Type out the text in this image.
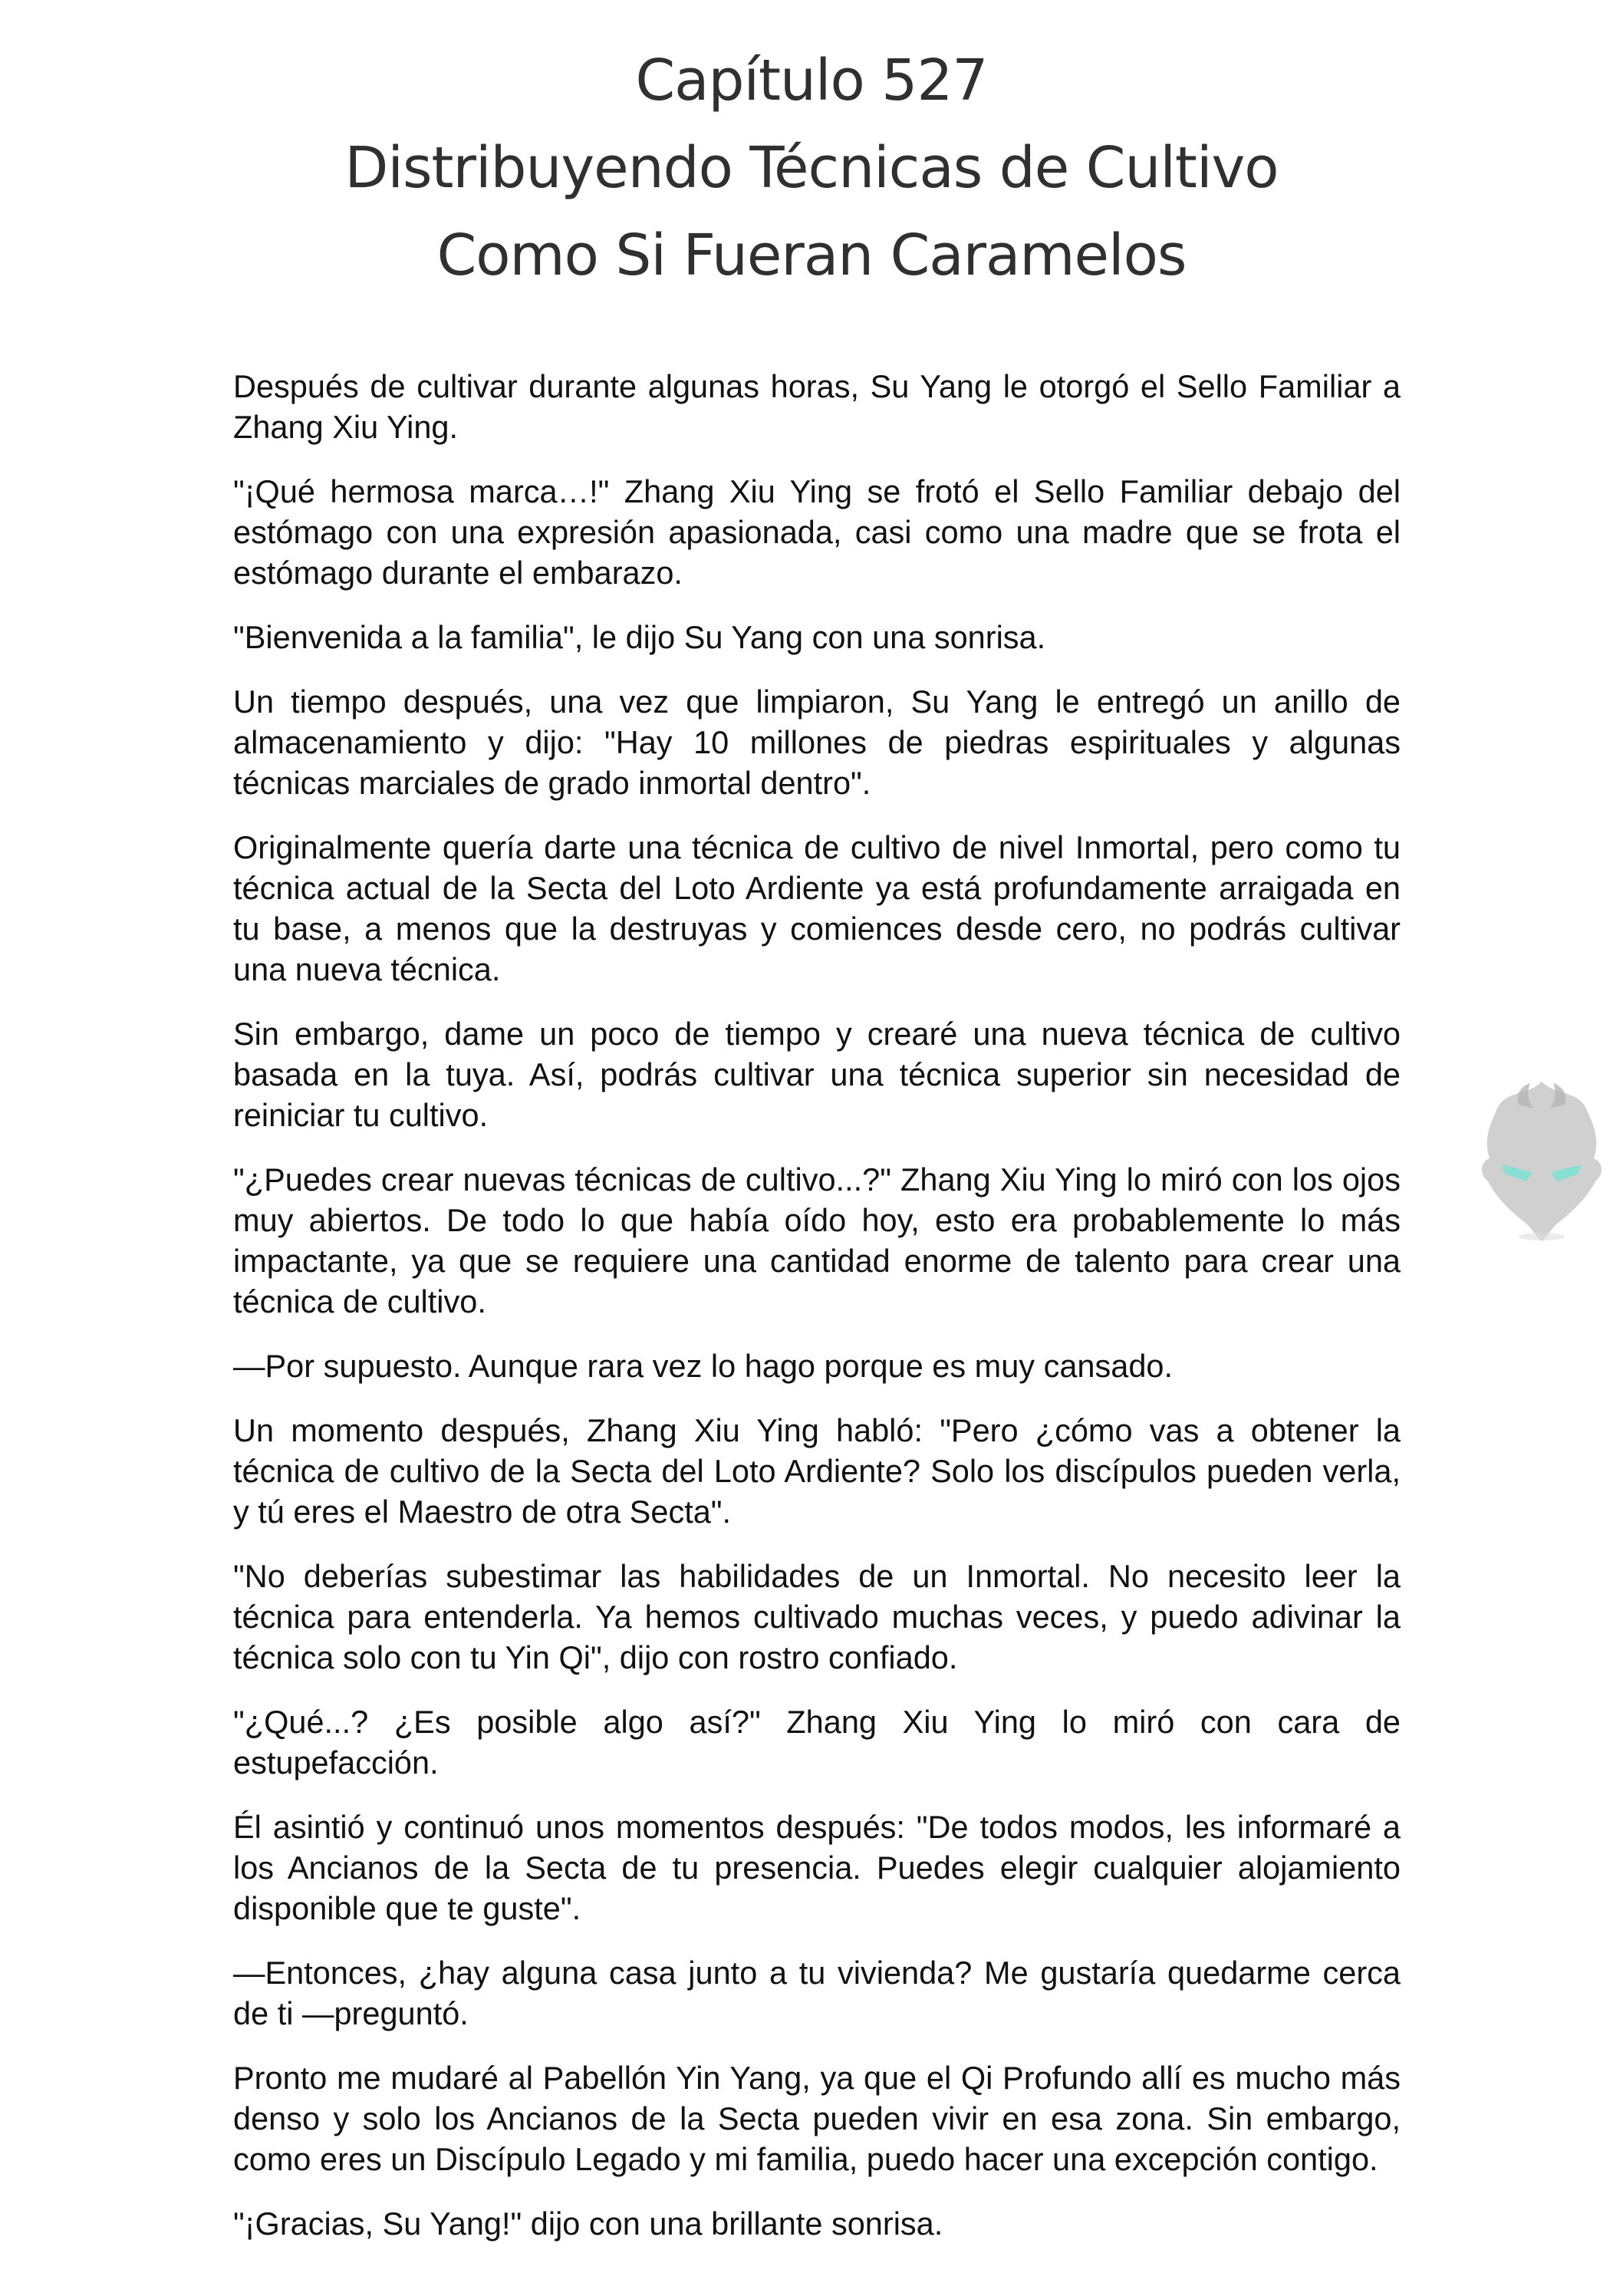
Capítulo 527
Distribuyendo Técnicas de Cultivo
Como Si Fueran Caramelos

Después de cultivar durante algunas horas, Su Yang le otorgó el Sello Familiar a Zhang Xiu Ying.

"¡Qué hermosa marca…!" Zhang Xiu Ying se frotó el Sello Familiar debajo del estómago con una expresión apasionada, casi como una madre que se frota el estómago durante el embarazo.

"Bienvenida a la familia", le dijo Su Yang con una sonrisa.

Un tiempo después, una vez que limpiaron, Su Yang le entregó un anillo de almacenamiento y dijo: "Hay 10 millones de piedras espirituales y algunas técnicas marciales de grado inmortal dentro".

Originalmente quería darte una técnica de cultivo de nivel Inmortal, pero como tu técnica actual de la Secta del Loto Ardiente ya está profundamente arraigada en tu base, a menos que la destruyas y comiences desde cero, no podrás cultivar una nueva técnica.

Sin embargo, dame un poco de tiempo y crearé una nueva técnica de cultivo basada en la tuya. Así, podrás cultivar una técnica superior sin necesidad de reiniciar tu cultivo.

"¿Puedes crear nuevas técnicas de cultivo...?" Zhang Xiu Ying lo miró con los ojos muy abiertos. De todo lo que había oído hoy, esto era probablemente lo más impactante, ya que se requiere una cantidad enorme de talento para crear una técnica de cultivo.

—Por supuesto. Aunque rara vez lo hago porque es muy cansado.

Un momento después, Zhang Xiu Ying habló: "Pero ¿cómo vas a obtener la técnica de cultivo de la Secta del Loto Ardiente? Solo los discípulos pueden verla, y tú eres el Maestro de otra Secta".

"No deberías subestimar las habilidades de un Inmortal. No necesito leer la técnica para entenderla. Ya hemos cultivado muchas veces, y puedo adivinar la técnica solo con tu Yin Qi", dijo con rostro confiado.

"¿Qué...? ¿Es posible algo así?" Zhang Xiu Ying lo miró con cara de estupefacción.

Él asintió y continuó unos momentos después: "De todos modos, les informaré a los Ancianos de la Secta de tu presencia. Puedes elegir cualquier alojamiento disponible que te guste".

—Entonces, ¿hay alguna casa junto a tu vivienda? Me gustaría quedarme cerca de ti —preguntó.

Pronto me mudaré al Pabellón Yin Yang, ya que el Qi Profundo allí es mucho más denso y solo los Ancianos de la Secta pueden vivir en esa zona. Sin embargo, como eres un Discípulo Legado y mi familia, puedo hacer una excepción contigo.

"¡Gracias, Su Yang!" dijo con una brillante sonrisa.
